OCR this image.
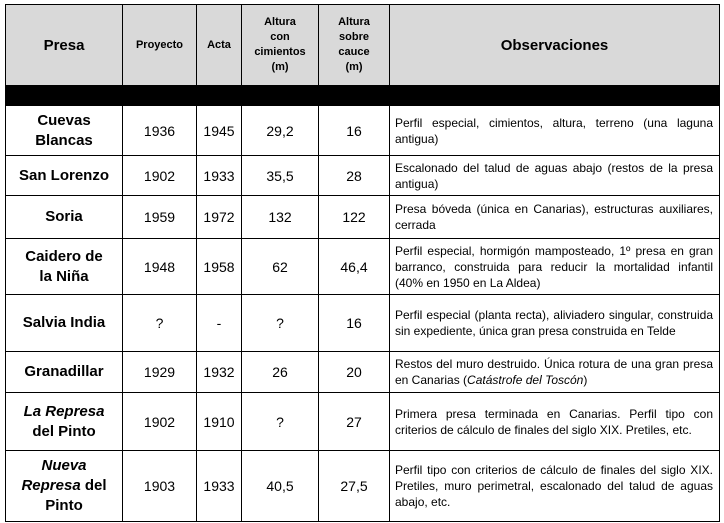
Presa	Proyecto	Acta	Altura
con
cimientos
(m)	Altura
sobre
cauce
(m)	Observaciones

Cuevas
Blancas	1936	1945	29,2	16	Perfil especial, cimientos, altura, terreno (una laguna antigua)
San Lorenzo	1902	1933	35,5	28	Escalonado del talud de aguas abajo (restos de la presa antigua)
Soria	1959	1972	132	122	Presa bóveda (única en Canarias), estructuras auxiliares, cerrada
Caidero de
la Niña	1948	1958	62	46,4	Perfil especial, hormigón mamposteado, 1º presa en gran barranco, construida para reducir la mortalidad infantil (40% en 1950 en La Aldea)
Salvia India	?	-	?	16	Perfil especial (planta recta), aliviadero singular, construida sin expediente, única gran presa construida en Telde
Granadillar	1929	1932	26	20	Restos del muro destruido. Única rotura de una gran presa en Canarias (Catástrofe del Toscón)
La Represa
del Pinto	1902	1910	?	27	Primera presa terminada en Canarias. Perfil tipo con criterios de cálculo de finales del siglo XIX. Pretiles, etc.
Nueva
Represa del
Pinto	1903	1933	40,5	27,5	Perfil tipo con criterios de cálculo de finales del siglo XIX. Pretiles, muro perimetral, escalonado del talud de aguas abajo, etc.
